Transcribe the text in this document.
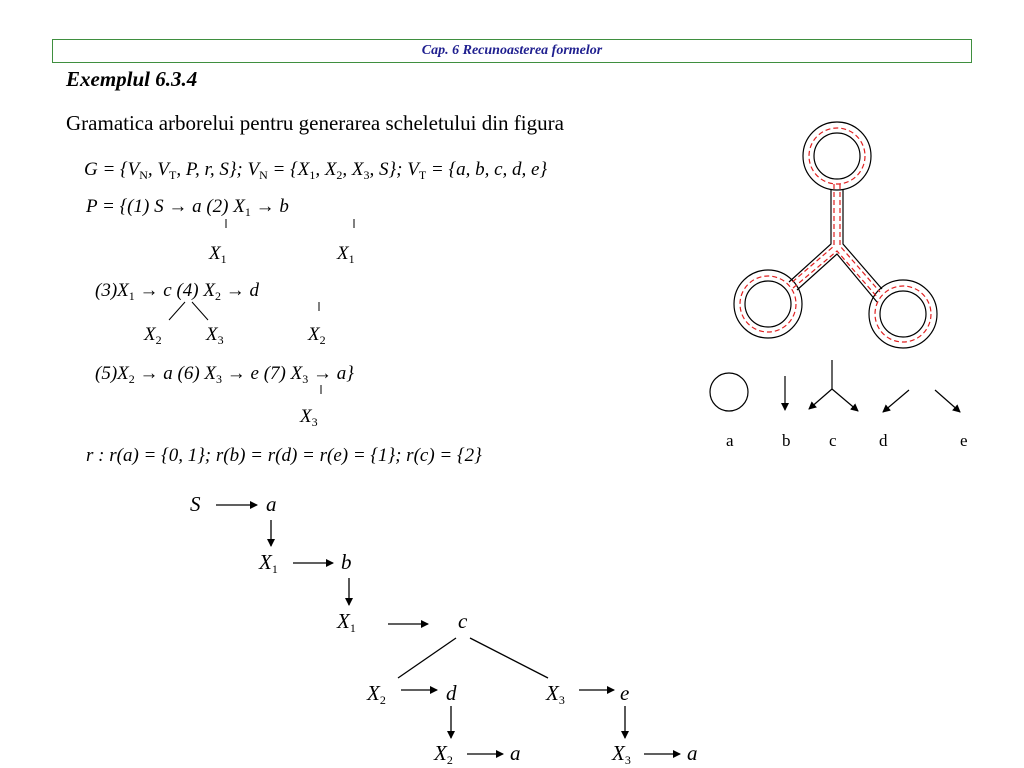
Cap. 6 Recunoasterea formelor
Exemplul 6.3.4
Gramatica arborelui pentru generarea scheletului din figura
$G = \{V_N$, $V_T$, P, r, S}; $V_N = \{X_1$, $X_2$, $X_3$, S}; $V_T = \{a$, b, c, d, e}
P = {(1) S → a (2) $X_1 \to b$
$X_1$	$X_1$
$(3)X_1 \to c$ (4) $X_2 \to d$
$X_2$ $X_3$	$X_2$
$(5)X_2 \to a$ (6) $X_3 \to e$ (7) $X_3 \to a$}
$X_3$
r : r(a) = {0, 1}; r(b) = r(d) = r(e) = {1}; r(c) = {2}
a	b c d	e
S	a
$X_1$	b
$X_1$	c
$X_2$	d	$X_3$	e
$X_2$	a	$X_3$	a
